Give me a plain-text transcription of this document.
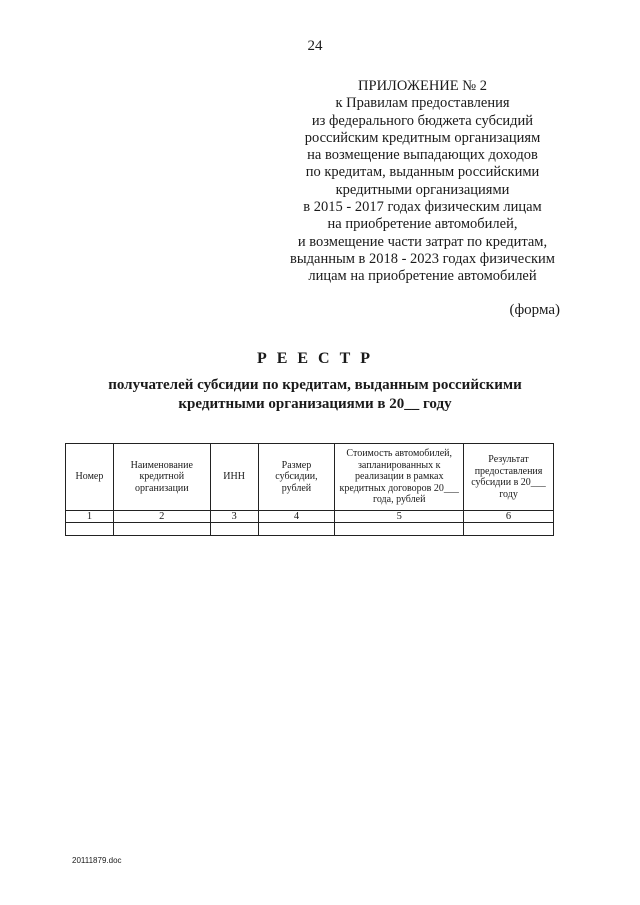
24
ПРИЛОЖЕНИЕ № 2
к Правилам предоставления
из федерального бюджета субсидий
российским кредитным организациям
на возмещение выпадающих доходов
по кредитам, выданным российскими
кредитными организациями
в 2015 - 2017 годах физическим лицам
на приобретение автомобилей,
и возмещение части затрат по кредитам,
выданным в 2018 - 2023 годах физическим
лицам на приобретение автомобилей
(форма)
Р Е Е С Т Р
получателей субсидии по кредитам, выданным российскими
кредитными организациями в 20__ году
Номер	Наименование кредитной организации	ИНН	Размер субсидии, рублей	Стоимость автомобилей, запланированных к реализации в рамках кредитных договоров 20___ года, рублей	Результат предоставления субсидии в 20___ году
1	2	3	4	5	6

20111879.doc
